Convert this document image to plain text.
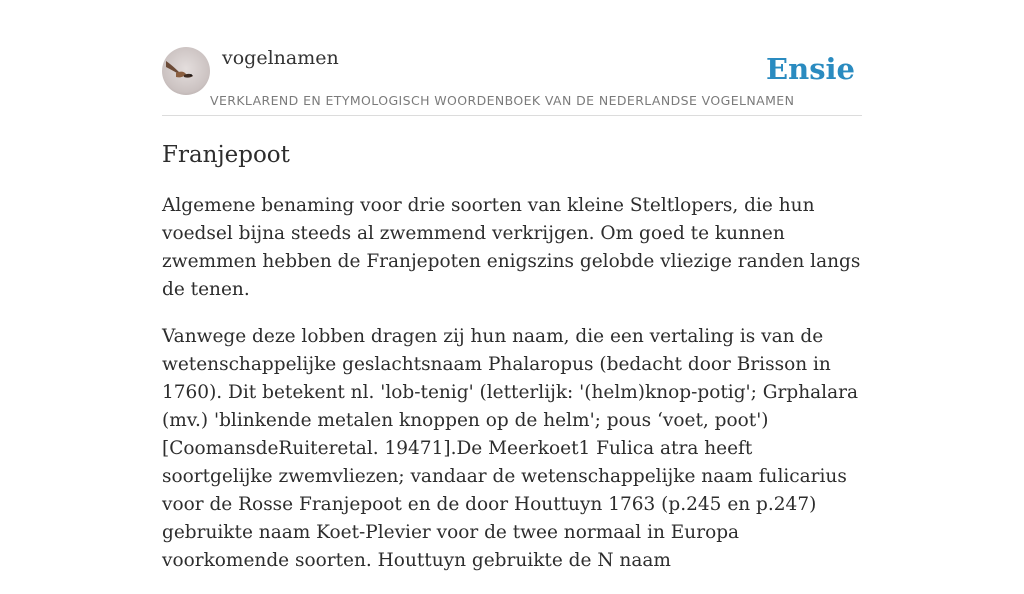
vogelnamen	Ensie
VERKLAREND EN ETYMOLOGISCH WOORDENBOEK VAN DE NEDERLANDSE VOGELNAMEN
Franjepoot

Algemene benaming voor drie soorten van kleine Steltlopers, die hun voedsel bijna steeds al zwemmend verkrijgen. Om goed te kunnen zwemmen hebben de Franjepoten enigszins gelobde vliezige randen langs de tenen.

Vanwege deze lobben dragen zij hun naam, die een vertaling is van de wetenschappelijke geslachtsnaam Phalaropus (bedacht door Brisson in 1760). Dit betekent nl. 'lob-tenig' (letterlijk: '(helm)knop-potig'; Grphalara (mv.) 'blinkende metalen knoppen op de helm'; pous ‘voet, poot') [CoomansdeRuiteretal. 19471].De Meerkoet1 Fulica atra heeft soortgelijke zwemvliezen; vandaar de wetenschappelijke naam fulicarius voor de Rosse Franjepoot en de door Houttuyn 1763 (p.245 en p.247) gebruikte naam Koet-Plevier voor de twee normaal in Europa voorkomende soorten. Houttuyn gebruikte de N naam
